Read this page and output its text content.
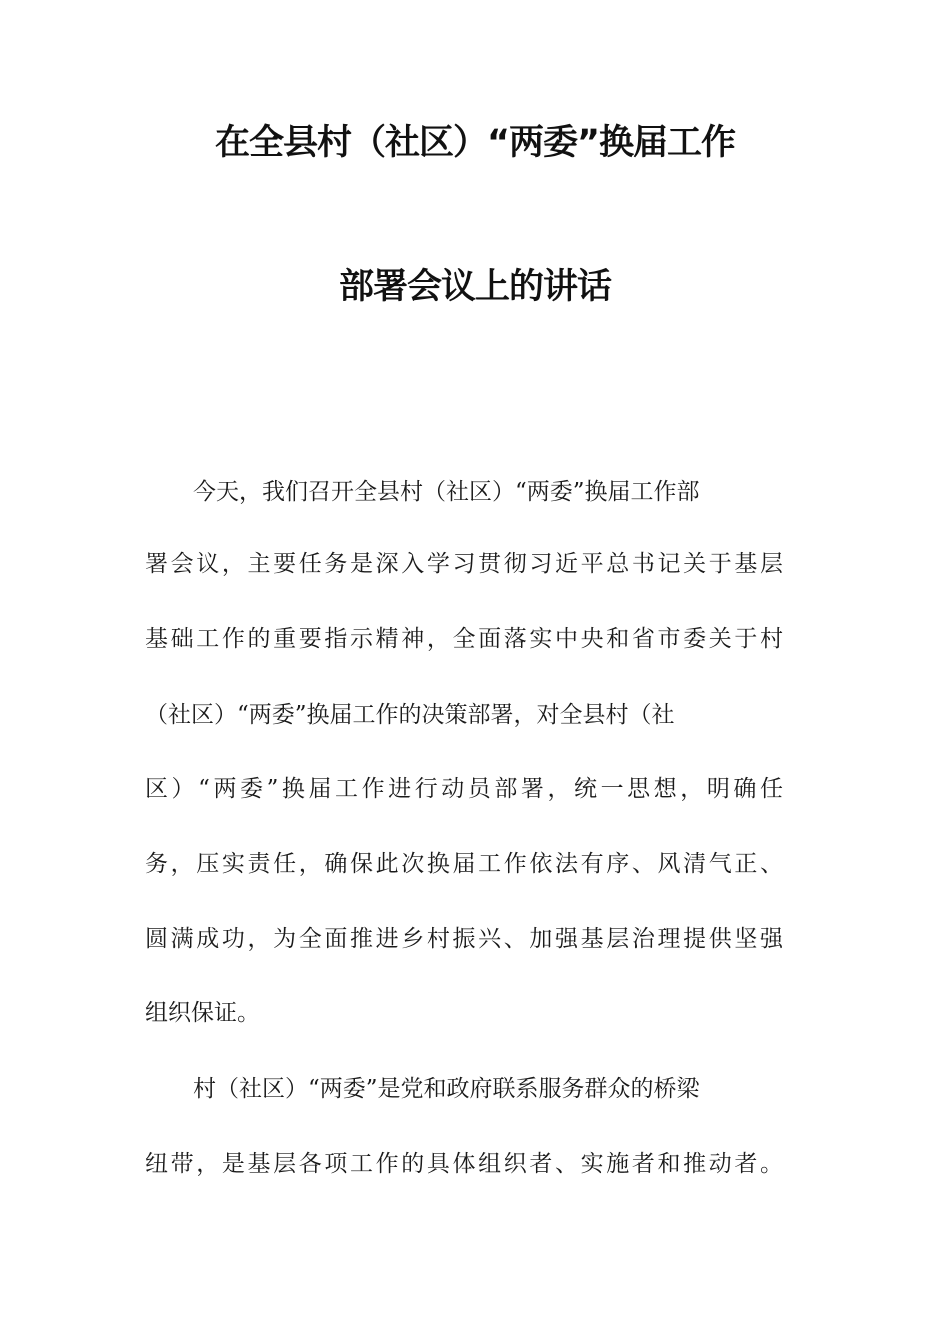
在全县村（社区）“两委”换届工作
部署会议上的讲话
今天，我们召开全县村（社区）“两委”换届工作部
署会议，主要任务是深入学习贯彻习近平总书记关于基层
基础工作的重要指示精神，全面落实中央和省市委关于村
（社区）“两委”换届工作的决策部署，对全县村（社
区）“两委”换届工作进行动员部署，统一思想，明确任
务，压实责任，确保此次换届工作依法有序、风清气正、
圆满成功，为全面推进乡村振兴、加强基层治理提供坚强
组织保证。
村（社区）“两委”是党和政府联系服务群众的桥梁
纽带，是基层各项工作的具体组织者、实施者和推动者。
